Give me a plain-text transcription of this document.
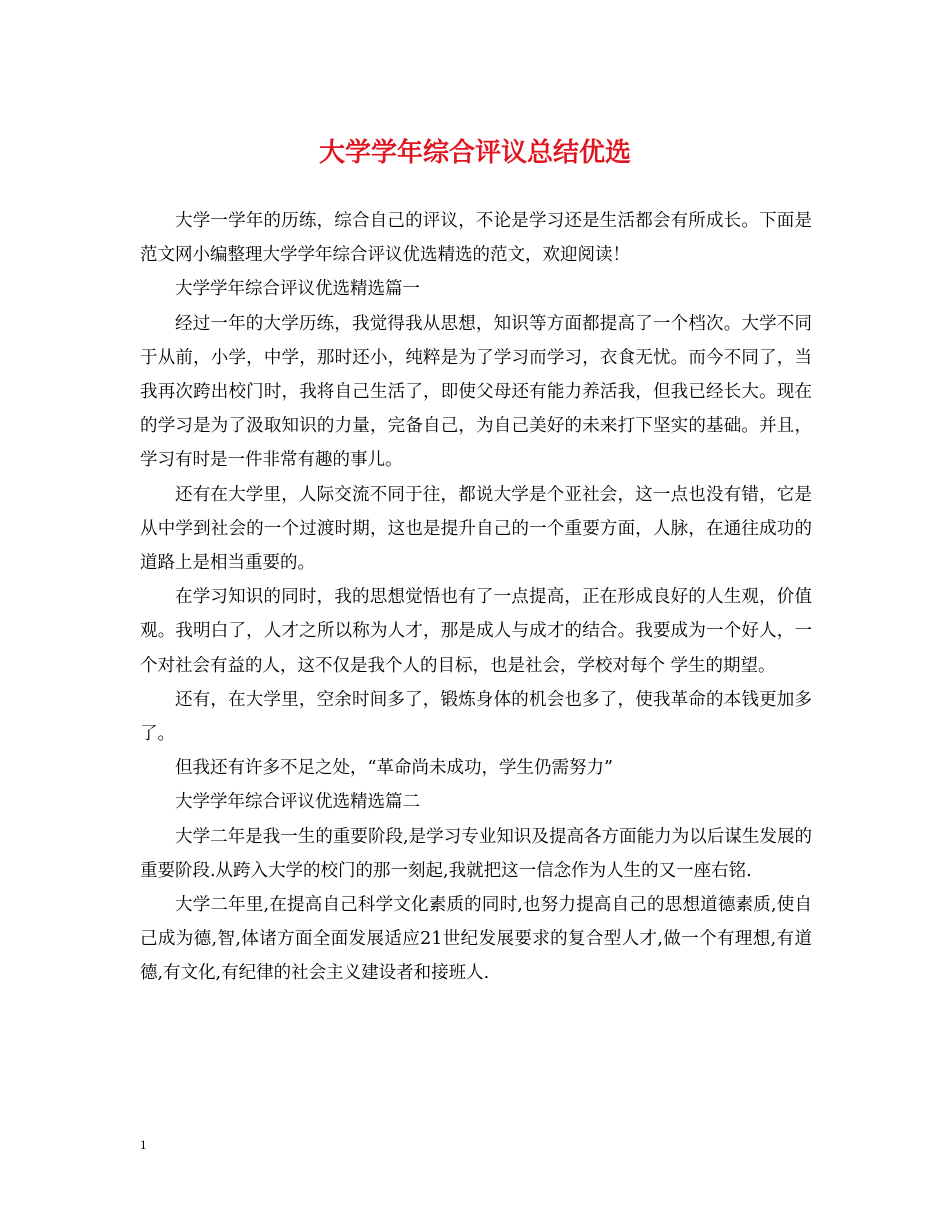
大学学年综合评议总结优选

大学一学年的历练，综合自己的评议，不论是学习还是生活都会有所成长。下面是范文网小编整理大学学年综合评议优选精选的范文，欢迎阅读！

大学学年综合评议优选精选篇一

经过一年的大学历练，我觉得我从思想，知识等方面都提高了一个档次。大学不同于从前，小学，中学，那时还小，纯粹是为了学习而学习，衣食无忧。而今不同了，当我再次跨出校门时，我将自己生活了，即使父母还有能力养活我，但我已经长大。现在的学习是为了汲取知识的力量，完备自己，为自己美好的未来打下坚实的基础。并且，学习有时是一件非常有趣的事儿。

还有在大学里，人际交流不同于往，都说大学是个亚社会，这一点也没有错，它是从中学到社会的一个过渡时期，这也是提升自己的一个重要方面，人脉，在通往成功的道路上是相当重要的。

在学习知识的同时，我的思想觉悟也有了一点提高，正在形成良好的人生观，价值观。我明白了，人才之所以称为人才，那是成人与成才的结合。我要成为一个好人，一个对社会有益的人，这不仅是我个人的目标，也是社会，学校对每个 学生的期望。

还有，在大学里，空余时间多了，锻炼身体的机会也多了，使我革命的本钱更加多了。

但我还有许多不足之处，“革命尚未成功，学生仍需努力”

大学学年综合评议优选精选篇二

大学二年是我一生的重要阶段,是学习专业知识及提高各方面能力为以后谋生发展的重要阶段.从跨入大学的校门的那一刻起,我就把这一信念作为人生的又一座右铭.

大学二年里,在提高自己科学文化素质的同时,也努力提高自己的思想道德素质,使自己成为德,智,体诸方面全面发展适应21世纪发展要求的复合型人才,做一个有理想,有道德,有文化,有纪律的社会主义建设者和接班人.

1
